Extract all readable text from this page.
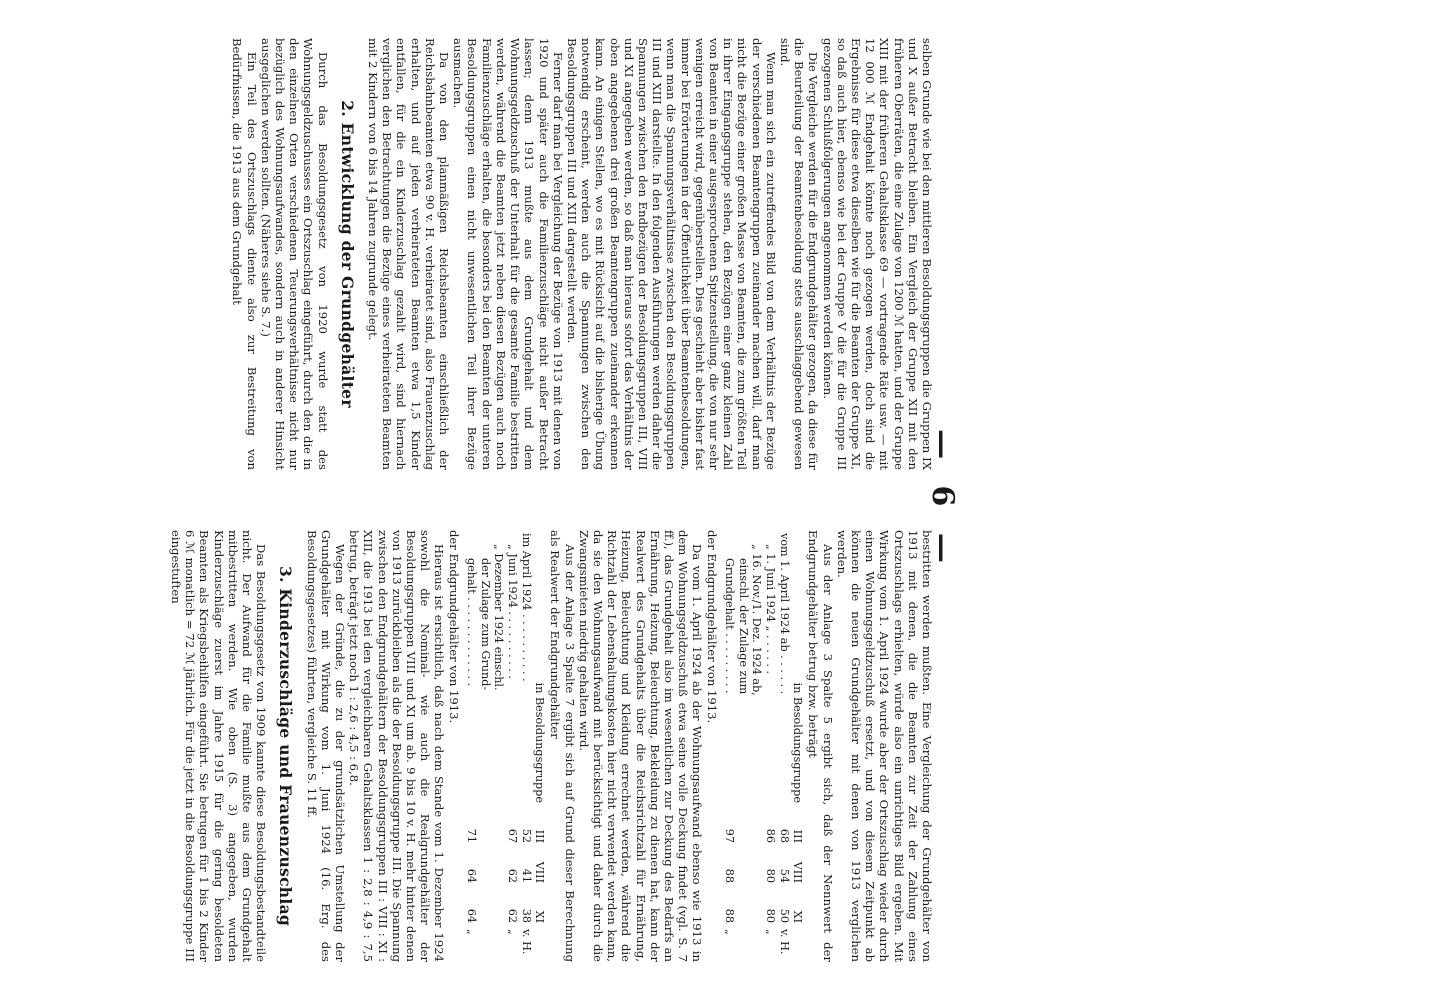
— 6 —

selben Grunde wie bei den mittleren Besoldungsgruppen die Gruppen IX und X außer Betracht bleiben. Ein Vergleich der Gruppe XII mit den früheren Oberräten, die eine Zulage von 1200 ℳ hatten, und der Gruppe XIII mit der früheren Gehaltsklasse 69 — vortragende Räte usw. — mit 12 000 ℳ Endgehalt könnte noch gezogen werden, doch sind die Ergebnisse für diese etwa dieselben wie für die Beamten der Gruppe XI, so daß auch hier, ebenso wie bei der Gruppe V die für die Gruppe III gezogenen Schlußfolgerungen angenommen werden können.

Die Vergleiche werden für die Endgrundgehälter gezogen, da diese für die Beurteilung der Beamtenbesoldung stets ausschlaggebend gewesen sind.

Wenn man sich ein zutreffendes Bild von dem Verhältnis der Bezüge der verschiedenen Beamtengruppen zueinander machen will, darf man nicht die Bezüge einer großen Masse von Beamten, die zum größten Teil in ihrer Eingangsgruppe stehen, den Bezügen einer ganz kleinen Zahl von Beamten in einer ausgesprochenen Spitzenstellung, die von nur sehr wenigen erreicht wird, gegenüberstellen. Dies geschieht aber bisher fast immer bei Erörterungen in der Öffentlichkeit über Beamtenbesoldungen, wenn man die Spannungsverhältnisse zwischen den Besoldungsgruppen III und XIII darstellte. In den folgenden Ausführungen werden daher die Spannungen zwischen den Endbezügen der Besoldungsgruppen III, VIII und XI angegeben werden, so daß man hieraus sofort das Verhältnis der oben angegebenen drei großen Beamtengruppen zueinander erkennen kann. An einigen Stellen, wo es mit Rücksicht auf die bisherige Übung notwendig erscheint, werden auch die Spannungen zwischen den Besoldungsgruppen III und XIII dargestellt werden.

Ferner darf man bei Vergleichung der Bezüge von 1913 mit denen von 1920 und später auch die Familienzuschläge nicht außer Betracht lassen; denn 1913 mußte aus dem Grundgehalt und dem Wohnungsgeldzuschuß der Unterhalt für die gesamte Familie bestritten werden, während die Beamten jetzt neben diesen Bezügen auch noch Familienzuschläge erhalten, die besonders bei den Beamten der unteren Besoldungsgruppen einen nicht unwesentlichen Teil ihrer Bezüge ausmachen.

Da von den planmäßigen Reichsbeamten einschließlich der Reichsbahnbeamten etwa 90 v. H. verheiratet sind, also Frauenzuschlag erhalten, und auf jeden verheirateten Beamten etwa 1,5 Kinder entfallen, für die ein Kinderzuschlag gezahlt wird, sind hiernach verglichen den Betrachtungen die Bezüge eines verheirateten Beamten mit 2 Kindern von 6 bis 14 Jahren zugrunde gelegt.

2. Entwicklung der Grundgehälter

Durch das Besoldungsgesetz von 1920 wurde statt des Wohnungsgeldzuschusses ein Ortszuschlag eingeführt, durch den die in den einzelnen Orten verschiedenen Teuerungsverhältnisse nicht nur bezüglich des Wohnungsaufwandes, sondern auch in anderer Hinsicht ausgeglichen werden sollten. (Näheres siehe S. 7.)

Ein Teil des Ortszuschlags diente also zur Bestreitung von Bedürfnissen, die 1913 aus dem Grundgehalt

bestritten werden mußten. Eine Vergleichung der Grundgehälter von 1913 mit denen, die die Beamten zur Zeit der Zahlung eines Ortszuschlags erhielten, würde also ein unrichtiges Bild ergeben. Mit Wirkung vom 1. April 1924 wurde aber der Ortszuschlag wieder durch einen Wohnungsgeldzuschuß ersetzt, und von diesem Zeitpunkt ab können die neuen Grundgehälter mit denen von 1913 verglichen werden.

Aus der Anlage 3 Spalte 5 ergibt sich, daß der Nennwert der Endgrundgehälter betrug bzw. beträgt

in Besoldungsgruppe	III	VIII	XI	
vom 1. April 1924 ab . . . . . .	68	54	50	v. H.
„ 1. Juni 1924 „ . . . . . .	86	80	80	„
„ 16. Nov./1. Dez. 1924 ab,				
einschl. der Zulage zum				
Grundgehalt . . . . . . . . .	97	88	88	„

der Endgrundgehälter von 1913.

Da vom 1. April 1924 ab der Wohnungsaufwand ebenso wie 1913 in dem Wohnungsgeldzuschuß etwa seine volle Deckung findet (vgl. S. 7 ff.), das Grundgehalt also im wesentlichen zur Deckung des Bedarfs an Ernährung, Heizung, Beleuchtung, Bekleidung zu dienen hat, kann der Realwert des Grundgehalts über die Reichsrichtzahl für Ernährung, Heizung, Beleuchtung und Kleidung errechnet werden, während die Richtzahl der Lebenshaltungskosten hier nicht verwendet werden kann, da sie den Wohnungsaufwand mit berücksichtigt und daher durch die Zwangsmieten niedrig gehalten wird.

Aus der Anlage 3 Spalte 7 ergibt sich auf Grund dieser Berechnung als Realwert der Endgrundgehälter

in Besoldungsgruppe	III	VIII	XI	
im April 1924 . . . . . . . . . .	52	41	38	v. H.
„ Juni 1924 . . . . . . . . . .	67	62	62	„
„ Dezember 1924 einschl.				
der Zulage zum Grund-				
gehalt . . . . . . . . . . . . .	71	64	64	„

der Endgrundgehälter von 1913.

Hieraus ist ersichtlich, daß nach dem Stande vom 1. Dezember 1924 sowohl die Nominal- wie auch die Realgrundgehälter der Besoldungsgruppen VIII und XI um ab. 9 bis 10 v. H. mehr hinter denen von 1913 zurückbleiben als die der Besoldungsgruppe III. Die Spannung zwischen den Endgrundgehältern der Besoldungsgruppen III : VIII : XI : XIII, die 1913 bei den vergleichbaren Gehaltsklassen 1 : 2,8 : 4,9 : 7,5 betrug, beträgt jetzt noch 1 : 2,6 : 4,5 : 6,8.

Wegen der Gründe, die zu der grundsätzlichen Umstellung der Grundgehälter mit Wirkung vom 1. Juni 1924 (16. Erg. des Besoldungsgesetzes) führten, vergleiche S. 11 ff.

3. Kinderzuschläge und Frauenzuschlag

Das Besoldungsgesetz von 1909 kannte diese Besoldungsbestandteile nicht. Der Aufwand für die Familie mußte aus dem Grundgehalt mitbestritten werden. Wie oben (S. 3) angegeben, wurden Kinderzuschläge zuerst im Jahre 1915 für die gering besoldeten Beamten als Kriegsbeihilfen eingeführt. Sie betrugen für 1 bis 2 Kinder 6 ℳ monatlich = 72 ℳ jährlich. Für die jetzt in die Besoldungsgruppe III eingestuften
